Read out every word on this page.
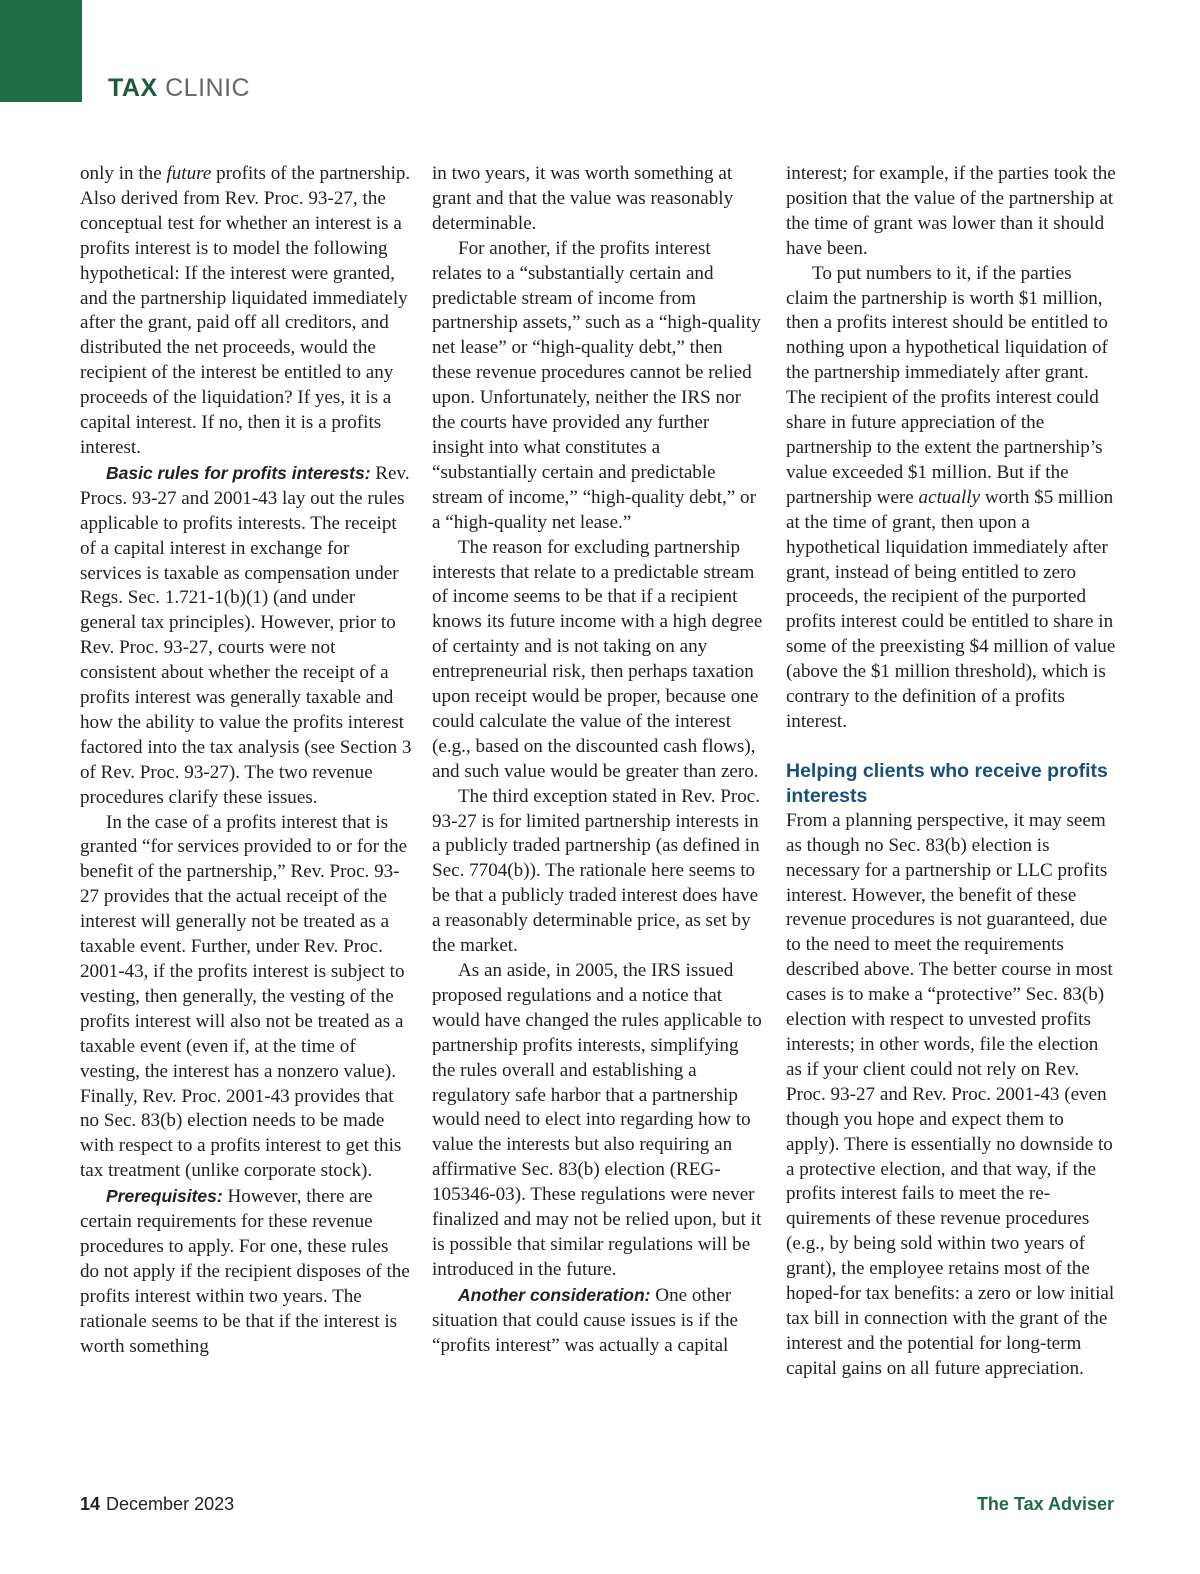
TAX CLINIC

only in the future profits of the partnership. Also derived from Rev. Proc. 93-27, the conceptual test for whether an interest is a profits interest is to model the following hypothetical: If the interest were granted, and the partnership liquidated immediately after the grant, paid off all creditors, and distributed the net proceeds, would the recipient of the interest be entitled to any proceeds of the liquidation? If yes, it is a capital interest. If no, then it is a profits interest.

Basic rules for profits interests: Rev. Procs. 93-27 and 2001-43 lay out the rules applicable to profits interests. The receipt of a capital interest in exchange for services is taxable as compensation under Regs. Sec. 1.721-1(b)(1) (and under general tax principles). However, prior to Rev. Proc. 93-27, courts were not consistent about whether the receipt of a profits interest was generally taxable and how the ability to value the profits interest factored into the tax analysis (see Section 3 of Rev. Proc. 93-27). The two revenue procedures clarify these issues.

In the case of a profits interest that is granted “for services provided to or for the benefit of the partnership,” Rev. Proc. 93-27 provides that the actual receipt of the interest will generally not be treated as a taxable event. Further, under Rev. Proc. 2001-43, if the profits interest is subject to vesting, then generally, the vesting of the profits interest will also not be treated as a taxable event (even if, at the time of vesting, the interest has a nonzero value). Finally, Rev. Proc. 2001-43 provides that no Sec. 83(b) election needs to be made with respect to a profits interest to get this tax treatment (unlike corporate stock).

Prerequisites: However, there are certain requirements for these revenue procedures to apply. For one, these rules do not apply if the recipient disposes of the profits interest within two years. The rationale seems to be that if the interest is worth something

in two years, it was worth something at grant and that the value was reasonably determinable.

For another, if the profits interest relates to a “substantially certain and predictable stream of income from partnership assets,” such as a “high-quality net lease” or “high-quality debt,” then these revenue procedures cannot be relied upon. Unfortunately, neither the IRS nor the courts have provided any further insight into what constitutes a “substantially certain and predictable stream of income,” “high-quality debt,” or a “high-quality net lease.”

The reason for excluding partnership interests that relate to a predictable stream of income seems to be that if a recipient knows its future income with a high degree of certainty and is not taking on any entrepreneurial risk, then perhaps taxation upon receipt would be proper, because one could calculate the value of the interest (e.g., based on the discounted cash flows), and such value would be greater than zero.

The third exception stated in Rev. Proc. 93-27 is for limited partnership interests in a publicly traded partnership (as defined in Sec. 7704(b)). The rationale here seems to be that a publicly traded interest does have a reasonably determinable price, as set by the market.

As an aside, in 2005, the IRS issued proposed regulations and a notice that would have changed the rules applicable to partnership profits interests, simplifying the rules overall and establishing a regulatory safe harbor that a partnership would need to elect into regarding how to value the interests but also requiring an affirmative Sec. 83(b) election (REG-105346-03). These regulations were never finalized and may not be relied upon, but it is possible that similar regulations will be introduced in the future.

Another consideration: One other situation that could cause issues is if the “profits interest” was actually a capital

interest; for example, if the parties took the position that the value of the partnership at the time of grant was lower than it should have been.

To put numbers to it, if the parties claim the partnership is worth $1 million, then a profits interest should be entitled to nothing upon a hypothetical liquidation of the partnership immediately after grant. The recipient of the profits interest could share in future appreciation of the partnership to the extent the partnership’s value exceeded $1 million. But if the partnership were actually worth $5 million at the time of grant, then upon a hypothetical liquidation immediately after grant, instead of being entitled to zero proceeds, the recipient of the purported profits interest could be entitled to share in some of the preexisting $4 million of value (above the $1 million threshold), which is contrary to the definition of a profits interest.

Helping clients who receive profits interests

From a planning perspective, it may seem as though no Sec. 83(b) election is necessary for a partnership or LLC profits interest. However, the benefit of these revenue procedures is not guaranteed, due to the need to meet the requirements described above. The better course in most cases is to make a “protective” Sec. 83(b) election with respect to unvested profits interests; in other words, file the election as if your client could not rely on Rev. Proc. 93-27 and Rev. Proc. 2001-43 (even though you hope and expect them to apply). There is essentially no downside to a protective election, and that way, if the profits interest fails to meet the requirements of these revenue procedures (e.g., by being sold within two years of grant), the employee retains most of the hoped-for tax benefits: a zero or low initial tax bill in connection with the grant of the interest and the potential for long-term capital gains on all future appreciation.

14 December 2023	The Tax Adviser
